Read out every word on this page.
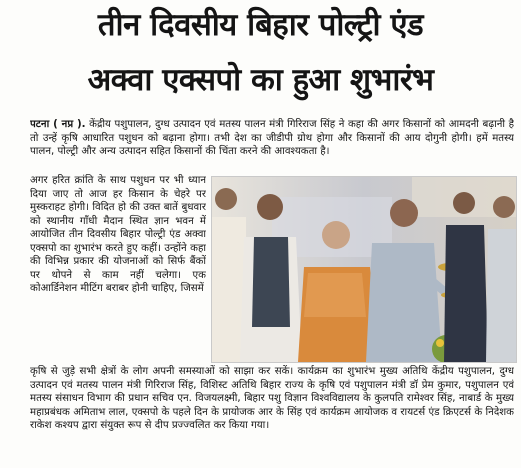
तीन दिवसीय बिहार पोल्ट्री एंड
अक्वा एक्सपो का हुआ शुभारंभ

पटना ( नप्र ). केंद्रीय पशुपालन, दुग्ध उत्पादन एवं मतस्य पालन मंत्री गिरिराज सिंह ने कहा की अगर किसानों को आमदनी बढ़ानी है तो उन्हें कृषि आधारित पशुधन को बढ़ाना होगा। तभी देश का जीडीपी ग्रोथ होगा और किसानों की आय दोगुनी होगी। हमें मतस्य पालन, पोल्ट्री और अन्य उत्पादन सहित किसानों की चिंता करने की आवश्यकता है।

अगर हरित क्रांति के साथ पशुधन पर भी ध्यान दिया जाए तो आज हर किसान के चेहरे पर मुस्कराहट होगी। विदित हो की उक्त बातें बुधवार को स्थानीय गाँधी मैदान स्थित ज्ञान भवन में आयोजित तीन दिवसीय बिहार पोल्ट्री एंड अक्वा एक्सपो का शुभारंभ करते हुए कहीं। उन्होंने कहा की विभिन्न प्रकार की योजनाओं को सिर्फ बैंकों पर थोपने से काम नहीं चलेगा। एक कोआर्डिनेशन मीटिंग बराबर होनी चाहिए, जिसमें

कृषि से जुड़े सभी क्षेत्रों के लोग अपनी समस्याओं को साझा कर सकें। कार्यक्रम का शुभारंभ मुख्य अतिथि केंद्रीय पशुपालन, दुग्ध उत्पादन एवं मतस्य पालन मंत्री गिरिराज सिंह, विशिस्ट अतिथि बिहार राज्य के कृषि एवं पशुपालन मंत्री डॉ प्रेम कुमार, पशुपालन एवं मतस्य संसाधन विभाग की प्रधान सचिव एन. विजयलक्ष्मी, बिहार पशु विज्ञान विश्वविद्यालय के कुलपति रामेश्वर सिंह, नाबार्ड के मुख्य महाप्रबंधक अमिताभ लाल, एक्सपो के पहले दिन के प्रायोजक आर के सिंह एवं कार्यक्रम आयोजक व रायटर्स एंड क्रिएटर्स के निदेशक राकेश कश्यप द्वारा संयुक्त रूप से दीप प्रज्ज्वलित कर किया गया।
